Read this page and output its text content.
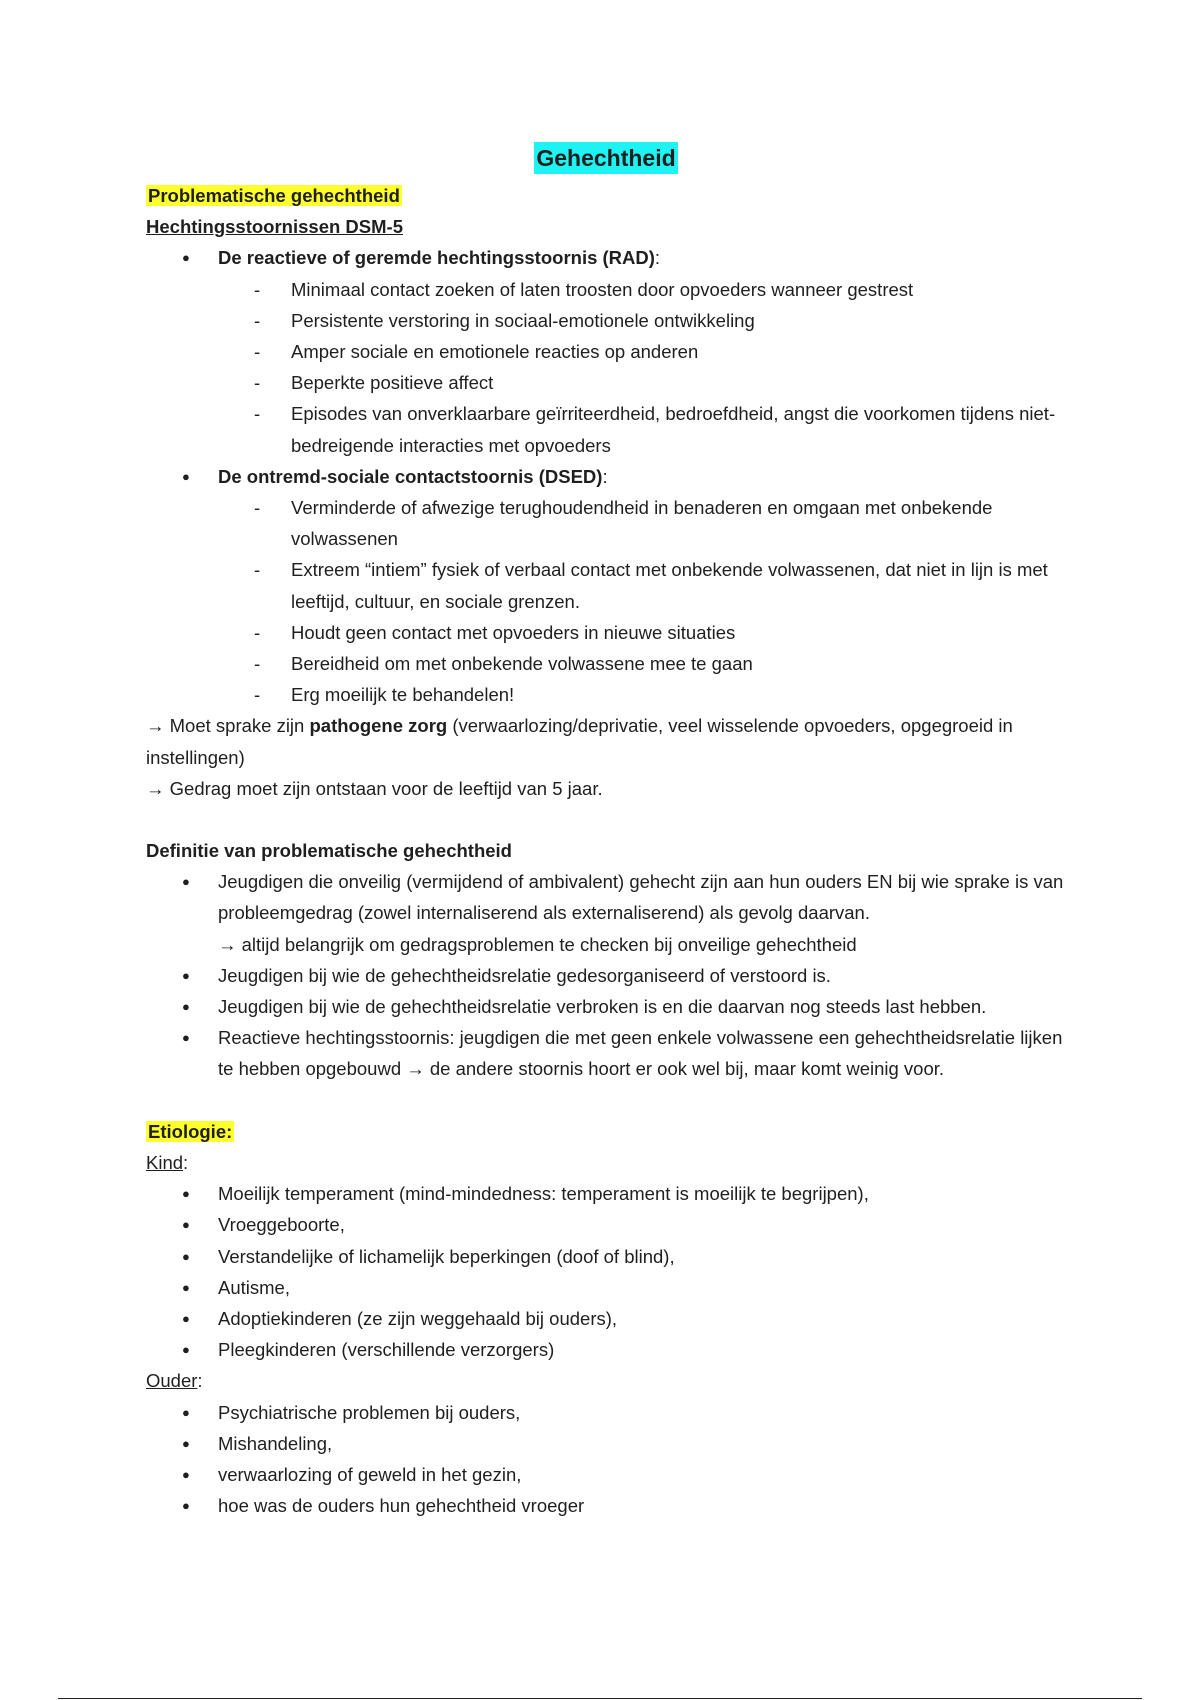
Gehechtheid
Problematische gehechtheid
Hechtingsstoornissen DSM-5
● De reactieve of geremde hechtingsstoornis (RAD):
- Minimaal contact zoeken of laten troosten door opvoeders wanneer gestrest
- Persistente verstoring in sociaal-emotionele ontwikkeling
- Amper sociale en emotionele reacties op anderen
- Beperkte positieve affect
- Episodes van onverklaarbare geïrriteerdheid, bedroefdheid, angst die voorkomen tijdens niet-bedreigende interacties met opvoeders
● De ontremd-sociale contactstoornis (DSED):
- Verminderde of afwezige terughoudendheid in benaderen en omgaan met onbekende volwassenen
- Extreem “intiem” fysiek of verbaal contact met onbekende volwassenen, dat niet in lijn is met leeftijd, cultuur, en sociale grenzen.
- Houdt geen contact met opvoeders in nieuwe situaties
- Bereidheid om met onbekende volwassene mee te gaan
- Erg moeilijk te behandelen!
→ Moet sprake zijn pathogene zorg (verwaarlozing/deprivatie, veel wisselende opvoeders, opgegroeid in instellingen)
→ Gedrag moet zijn ontstaan voor de leeftijd van 5 jaar.
Definitie van problematische gehechtheid
● Jeugdigen die onveilig (vermijdend of ambivalent) gehecht zijn aan hun ouders EN bij wie sprake is van probleemgedrag (zowel internaliserend als externaliserend) als gevolg daarvan.
→ altijd belangrijk om gedragsproblemen te checken bij onveilige gehechtheid
● Jeugdigen bij wie de gehechtheidsrelatie gedesorganiseerd of verstoord is.
● Jeugdigen bij wie de gehechtheidsrelatie verbroken is en die daarvan nog steeds last hebben.
● Reactieve hechtingsstoornis: jeugdigen die met geen enkele volwassene een gehechtheidsrelatie lijken te hebben opgebouwd → de andere stoornis hoort er ook wel bij, maar komt weinig voor.
Etiologie:
Kind:
● Moeilijk temperament (mind-mindedness: temperament is moeilijk te begrijpen),
● Vroeggeboorte,
● Verstandelijke of lichamelijk beperkingen (doof of blind),
● Autisme,
● Adoptiekinderen (ze zijn weggehaald bij ouders),
● Pleegkinderen (verschillende verzorgers)
Ouder:
● Psychiatrische problemen bij ouders,
● Mishandeling,
● verwaarlozing of geweld in het gezin,
● hoe was de ouders hun gehechtheid vroeger
